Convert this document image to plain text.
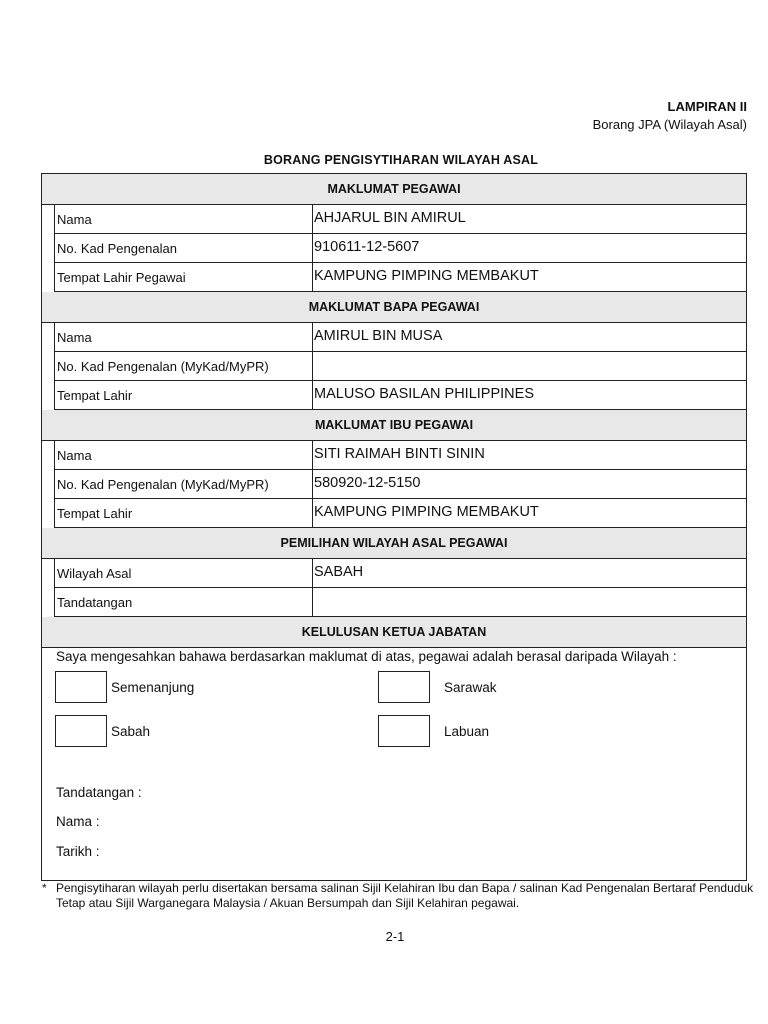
LAMPIRAN II
Borang JPA (Wilayah Asal)
BORANG PENGISYTIHARAN WILAYAH ASAL
MAKLUMAT PEGAWAI
Nama	AHJARUL BIN AMIRUL
No. Kad Pengenalan	910611-12-5607
Tempat Lahir Pegawai	KAMPUNG PIMPING MEMBAKUT
MAKLUMAT BAPA PEGAWAI
Nama	AMIRUL BIN MUSA
No. Kad Pengenalan (MyKad/MyPR)
Tempat Lahir	MALUSO BASILAN PHILIPPINES
MAKLUMAT IBU PEGAWAI
Nama	SITI RAIMAH BINTI SININ
No. Kad Pengenalan (MyKad/MyPR)	580920-12-5150
Tempat Lahir	KAMPUNG PIMPING MEMBAKUT
PEMILIHAN WILAYAH ASAL PEGAWAI
Wilayah Asal	SABAH
Tandatangan
KELULUSAN KETUA JABATAN
Saya mengesahkan bahawa berdasarkan maklumat di atas, pegawai adalah berasal daripada Wilayah :
Semenanjung	Sarawak
Sabah	Labuan
Tandatangan :
Nama :
Tarikh :
* Pengisytiharan wilayah perlu disertakan bersama salinan Sijil Kelahiran Ibu dan Bapa / salinan Kad Pengenalan Bertaraf Penduduk Tetap atau Sijil Warganegara Malaysia / Akuan Bersumpah dan Sijil Kelahiran pegawai.
2-1
